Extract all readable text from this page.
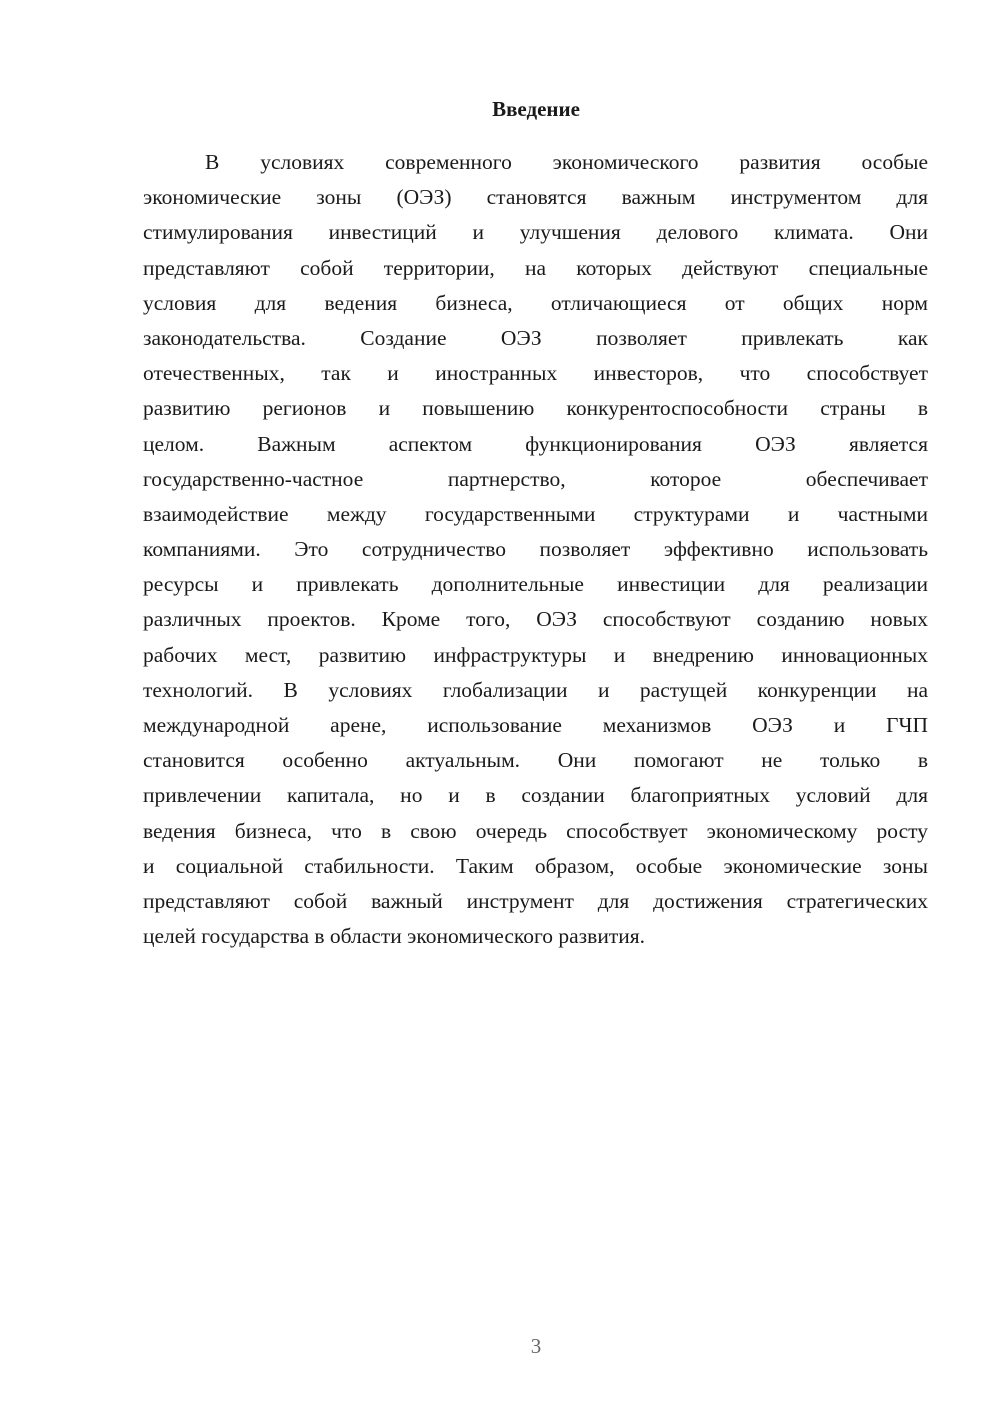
Введение
В условиях современного экономического развития особые
экономические зоны (ОЭЗ) становятся важным инструментом для
стимулирования инвестиций и улучшения делового климата. Они
представляют собой территории, на которых действуют специальные
условия для ведения бизнеса, отличающиеся от общих норм
законодательства. Создание ОЭЗ позволяет привлекать как
отечественных, так и иностранных инвесторов, что способствует
развитию регионов и повышению конкурентоспособности страны в
целом. Важным аспектом функционирования ОЭЗ является
государственно-частное партнерство, которое обеспечивает
взаимодействие между государственными структурами и частными
компаниями. Это сотрудничество позволяет эффективно использовать
ресурсы и привлекать дополнительные инвестиции для реализации
различных проектов. Кроме того, ОЭЗ способствуют созданию новых
рабочих мест, развитию инфраструктуры и внедрению инновационных
технологий. В условиях глобализации и растущей конкуренции на
международной арене, использование механизмов ОЭЗ и ГЧП
становится особенно актуальным. Они помогают не только в
привлечении капитала, но и в создании благоприятных условий для
ведения бизнеса, что в свою очередь способствует экономическому росту
и социальной стабильности. Таким образом, особые экономические зоны
представляют собой важный инструмент для достижения стратегических
целей государства в области экономического развития.
3
